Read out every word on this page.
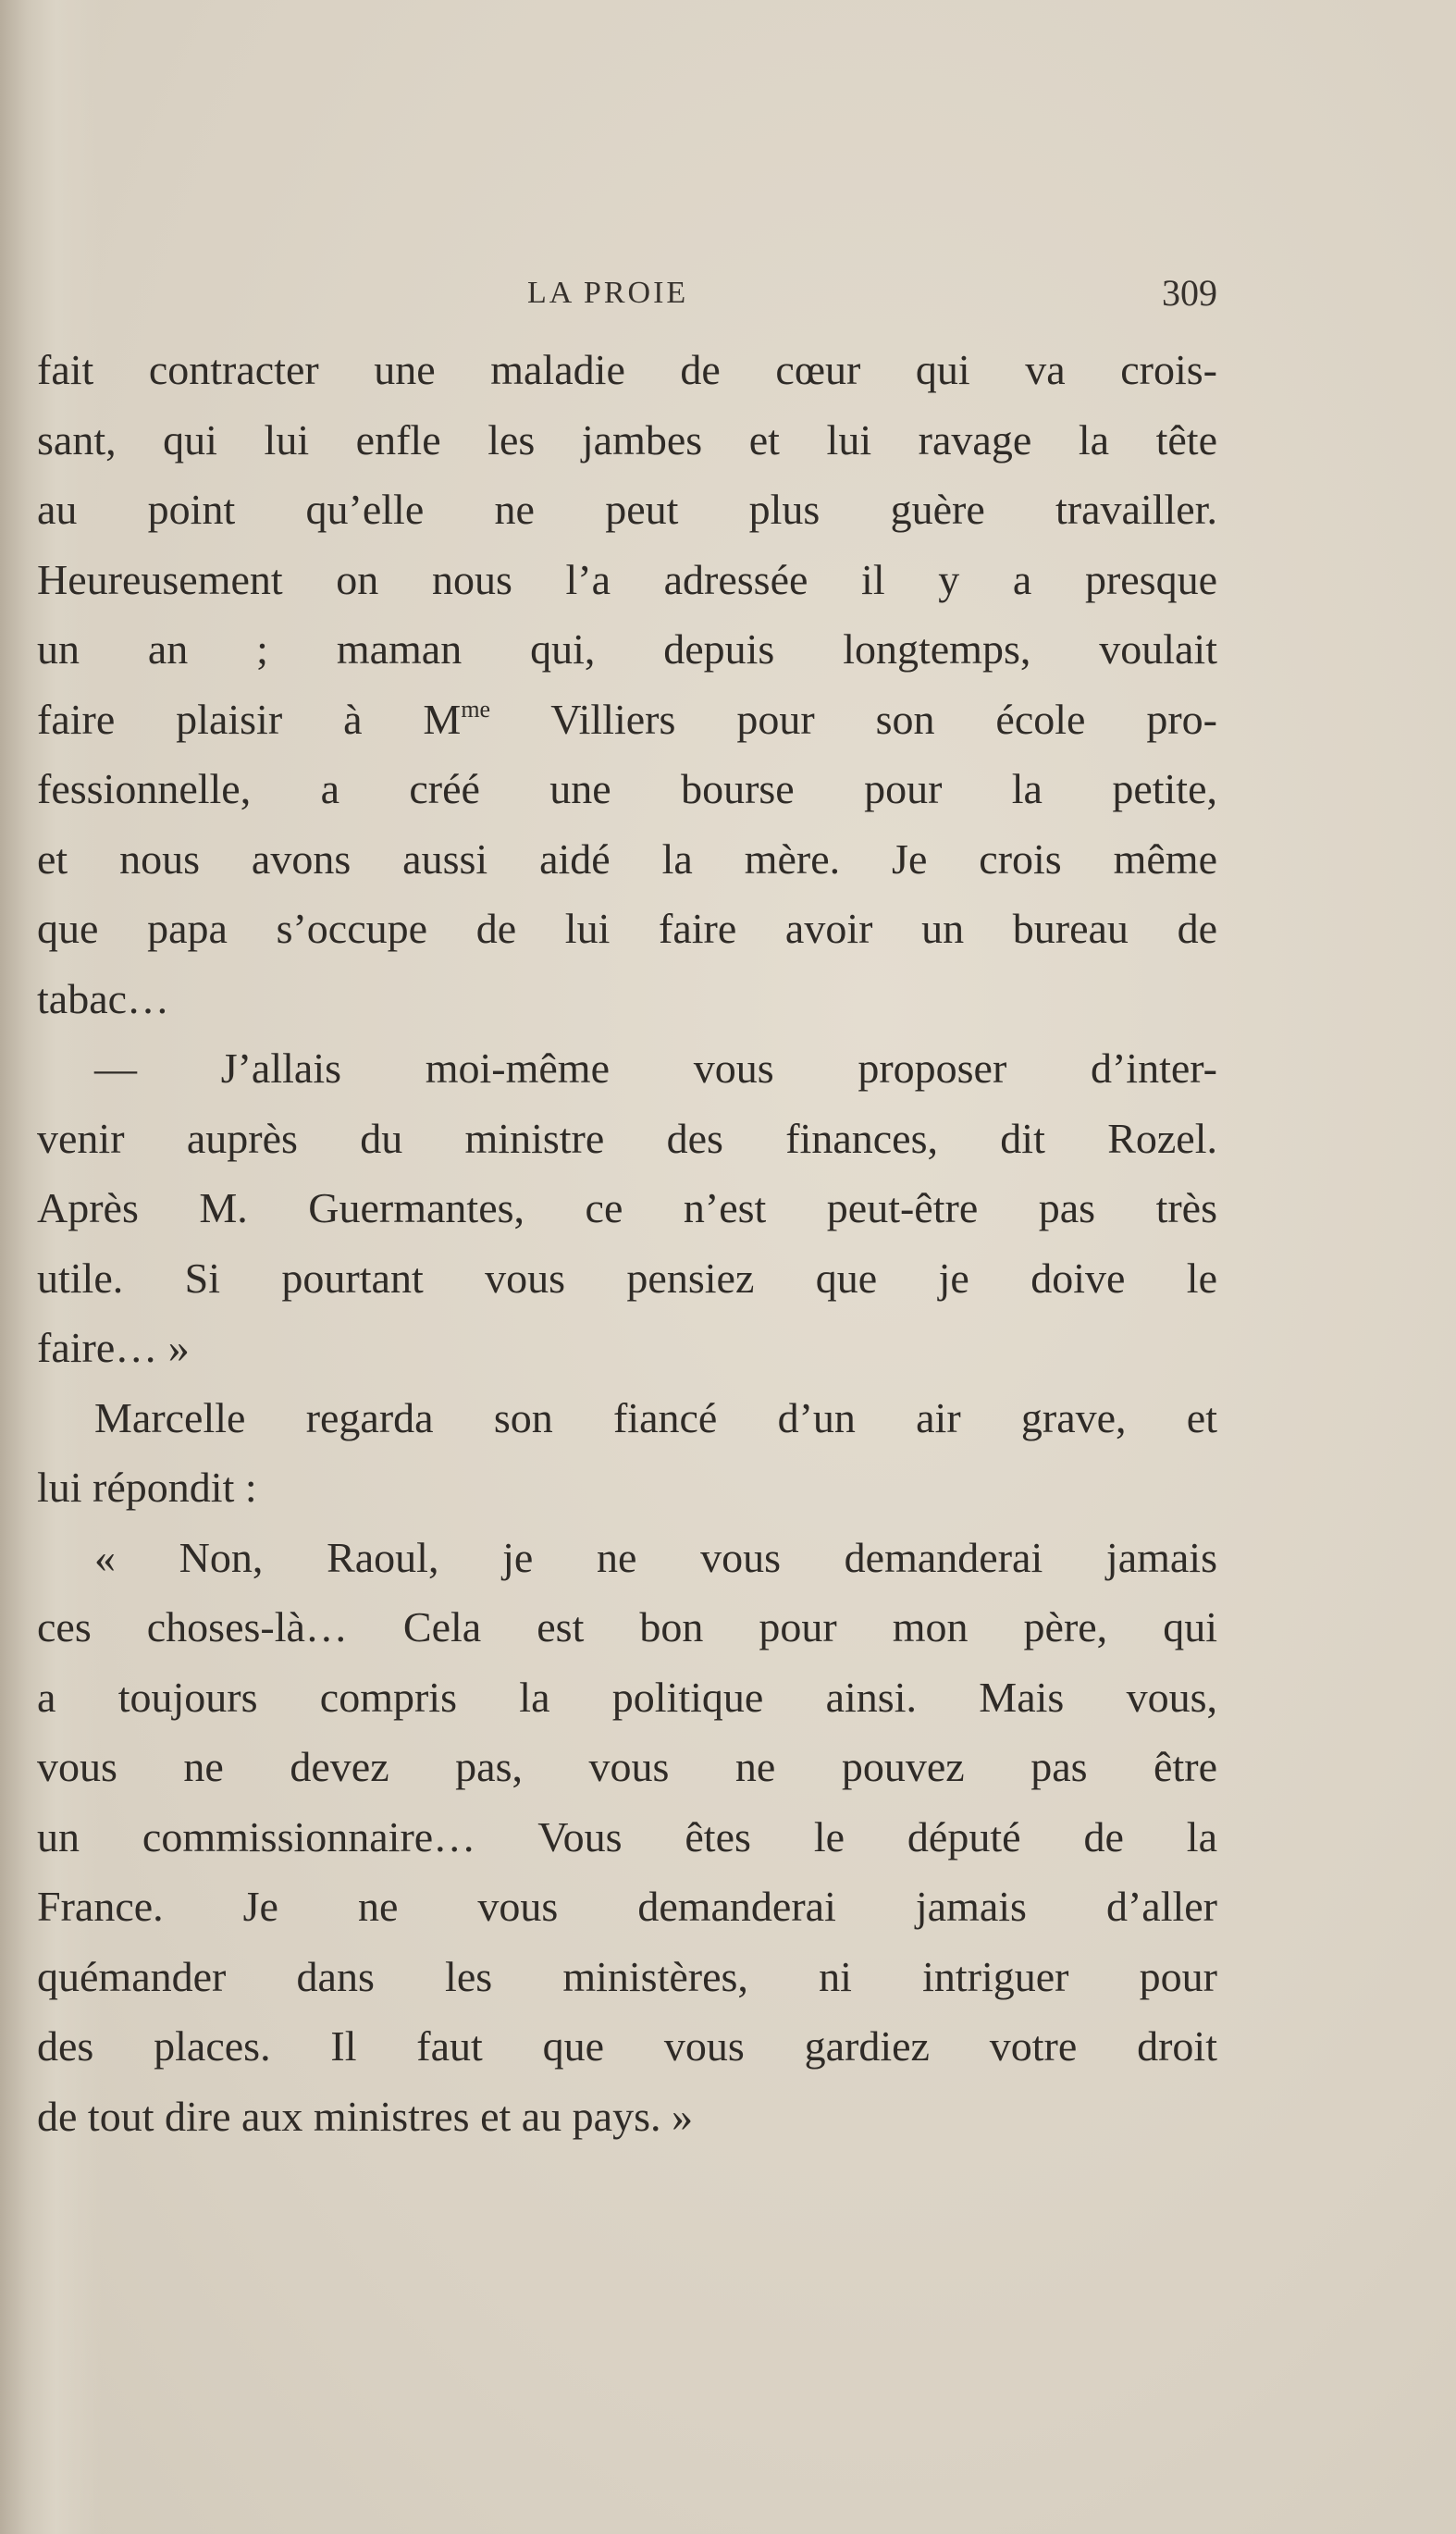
LA PROIE	309
fait contracter une maladie de cœur qui va crois-
sant, qui lui enfle les jambes et lui ravage la tête
au point qu’elle ne peut plus guère travailler.
Heureusement on nous l’a adressée il y a presque
un an ; maman qui, depuis longtemps, voulait
faire plaisir à $M^{me}$ Villiers pour son école pro-
fessionnelle, a créé une bourse pour la petite,
et nous avons aussi aidé la mère. Je crois même
que papa s’occupe de lui faire avoir un bureau de
tabac…
— J’allais moi-même vous proposer d’inter-
venir auprès du ministre des finances, dit Rozel.
Après M. Guermantes, ce n’est peut-être pas très
utile. Si pourtant vous pensiez que je doive le
faire… »
Marcelle regarda son fiancé d’un air grave, et
lui répondit :
« Non, Raoul, je ne vous demanderai jamais
ces choses-là… Cela est bon pour mon père, qui
a toujours compris la politique ainsi. Mais vous,
vous ne devez pas, vous ne pouvez pas être
un commissionnaire… Vous êtes le député de la
France. Je ne vous demanderai jamais d’aller
quémander dans les ministères, ni intriguer pour
des places. Il faut que vous gardiez votre droit
de tout dire aux ministres et au pays. »
